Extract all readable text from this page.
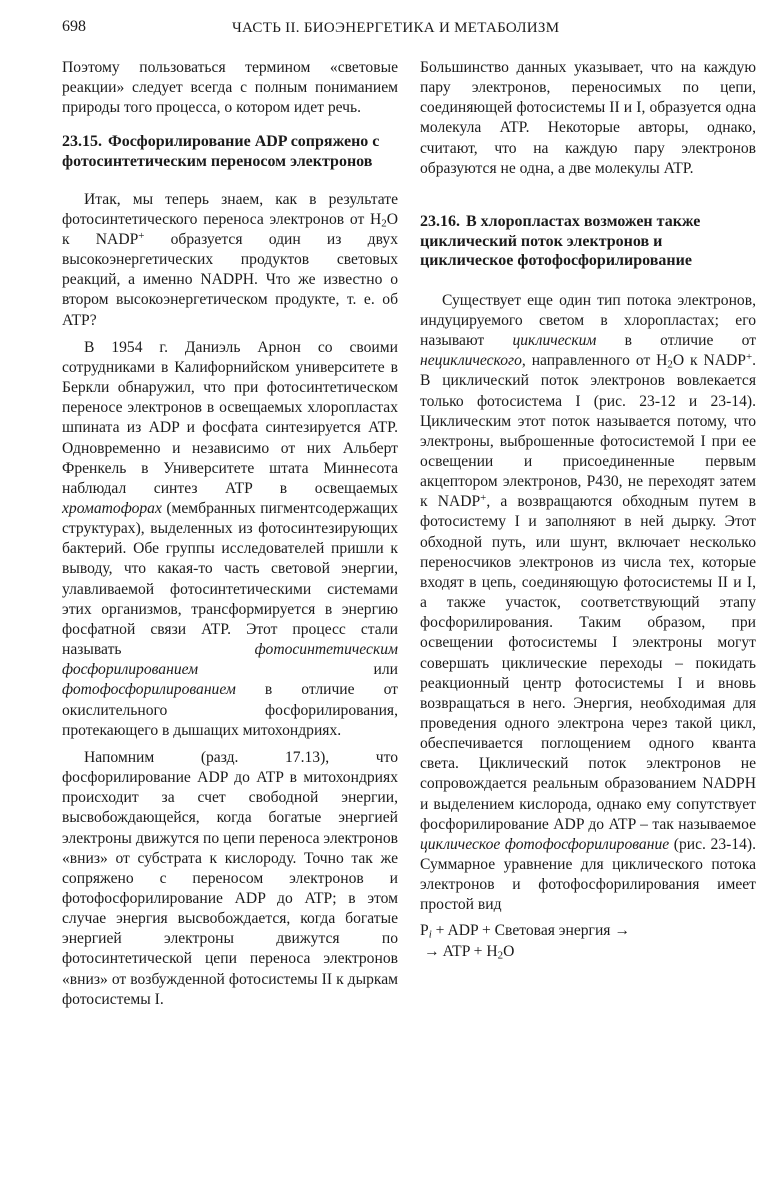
698	ЧАСТЬ II. БИОЭНЕРГЕТИКА И МЕТАБОЛИЗМ

Поэтому пользоваться термином «световые реакции» следует всегда с полным пониманием природы того процесса, о котором идет речь.

23.15. Фосфорилирование ADP сопряжено с фотосинтетическим переносом электронов

Итак, мы теперь знаем, как в результате фотосинтетического переноса электронов от $H_2O$ к NADP+ образуется один из двух высокоэнергетических продуктов световых реакций, а именно NADPH. Что же известно о втором высокоэнергетическом продукте, т. е. об ATP?

В 1954 г. Даниэль Арнон со своими сотрудниками в Калифорнийском университете в Беркли обнаружил, что при фотосинтетическом переносе электронов в освещаемых хлоропластах шпината из ADP и фосфата синтезируется ATP. Одновременно и независимо от них Альберт Френкель в Университете штата Миннесота наблюдал синтез ATP в освещаемых хроматофорах (мембранных пигментсодержащих структурах), выделенных из фотосинтезирующих бактерий. Обе группы исследователей пришли к выводу, что какая-то часть световой энергии, улавливаемой фотосинтетическими системами этих организмов, трансформируется в энергию фосфатной связи ATP. Этот процесс стали называть фотосинтетическим фосфорилированием или фотофосфорилированием в отличие от окислительного фосфорилирования, протекающего в дышащих митохондриях.

Напомним (разд. 17.13), что фосфорилирование ADP до ATP в митохондриях происходит за счет свободной энергии, высвобождающейся, когда богатые энергией электроны движутся по цепи переноса электронов «вниз» от субстрата к кислороду. Точно так же сопряжено с переносом электронов и фотофосфорилирование ADP до ATP; в этом случае энергия высвобождается, когда богатые энергией электроны движутся по фотосинтетической цепи переноса электронов «вниз» от возбужденной фотосистемы II к дыркам фотосистемы I.

Большинство данных указывает, что на каждую пару электронов, переносимых по цепи, соединяющей фотосистемы II и I, образуется одна молекула ATP. Некоторые авторы, однако, считают, что на каждую пару электронов образуются не одна, а две молекулы ATP.

23.16. В хлоропластах возможен также циклический поток электронов и циклическое фотофосфорилирование

Существует еще один тип потока электронов, индуцируемого светом в хлоропластах; его называют циклическим в отличие от нециклического, направленного от $H_2O$ к NADP+. В циклический поток электронов вовлекается только фотосистема I (рис. 23-12 и 23-14). Циклическим этот поток называется потому, что электроны, выброшенные фотосистемой I при ее освещении и присоединенные первым акцептором электронов, P430, не переходят затем к NADP+, а возвращаются обходным путем в фотосистему I и заполняют в ней дырку. Этот обходной путь, или шунт, включает несколько переносчиков электронов из числа тех, которые входят в цепь, соединяющую фотосистемы II и I, а также участок, соответствующий этапу фосфорилирования. Таким образом, при освещении фотосистемы I электроны могут совершать циклические переходы – покидать реакционный центр фотосистемы I и вновь возвращаться в него. Энергия, необходимая для проведения одного электрона через такой цикл, обеспечивается поглощением одного кванта света. Циклический поток электронов не сопровождается реальным образованием NADPH и выделением кислорода, однако ему сопутствует фосфорилирование ADP до ATP – так называемое циклическое фотофосфорилирование (рис. 23-14). Суммарное уравнение для циклического потока электронов и фотофосфорилирования имеет простой вид

$P_i$ + ADP + Световая энергия →
→ ATP + $H_2O$
